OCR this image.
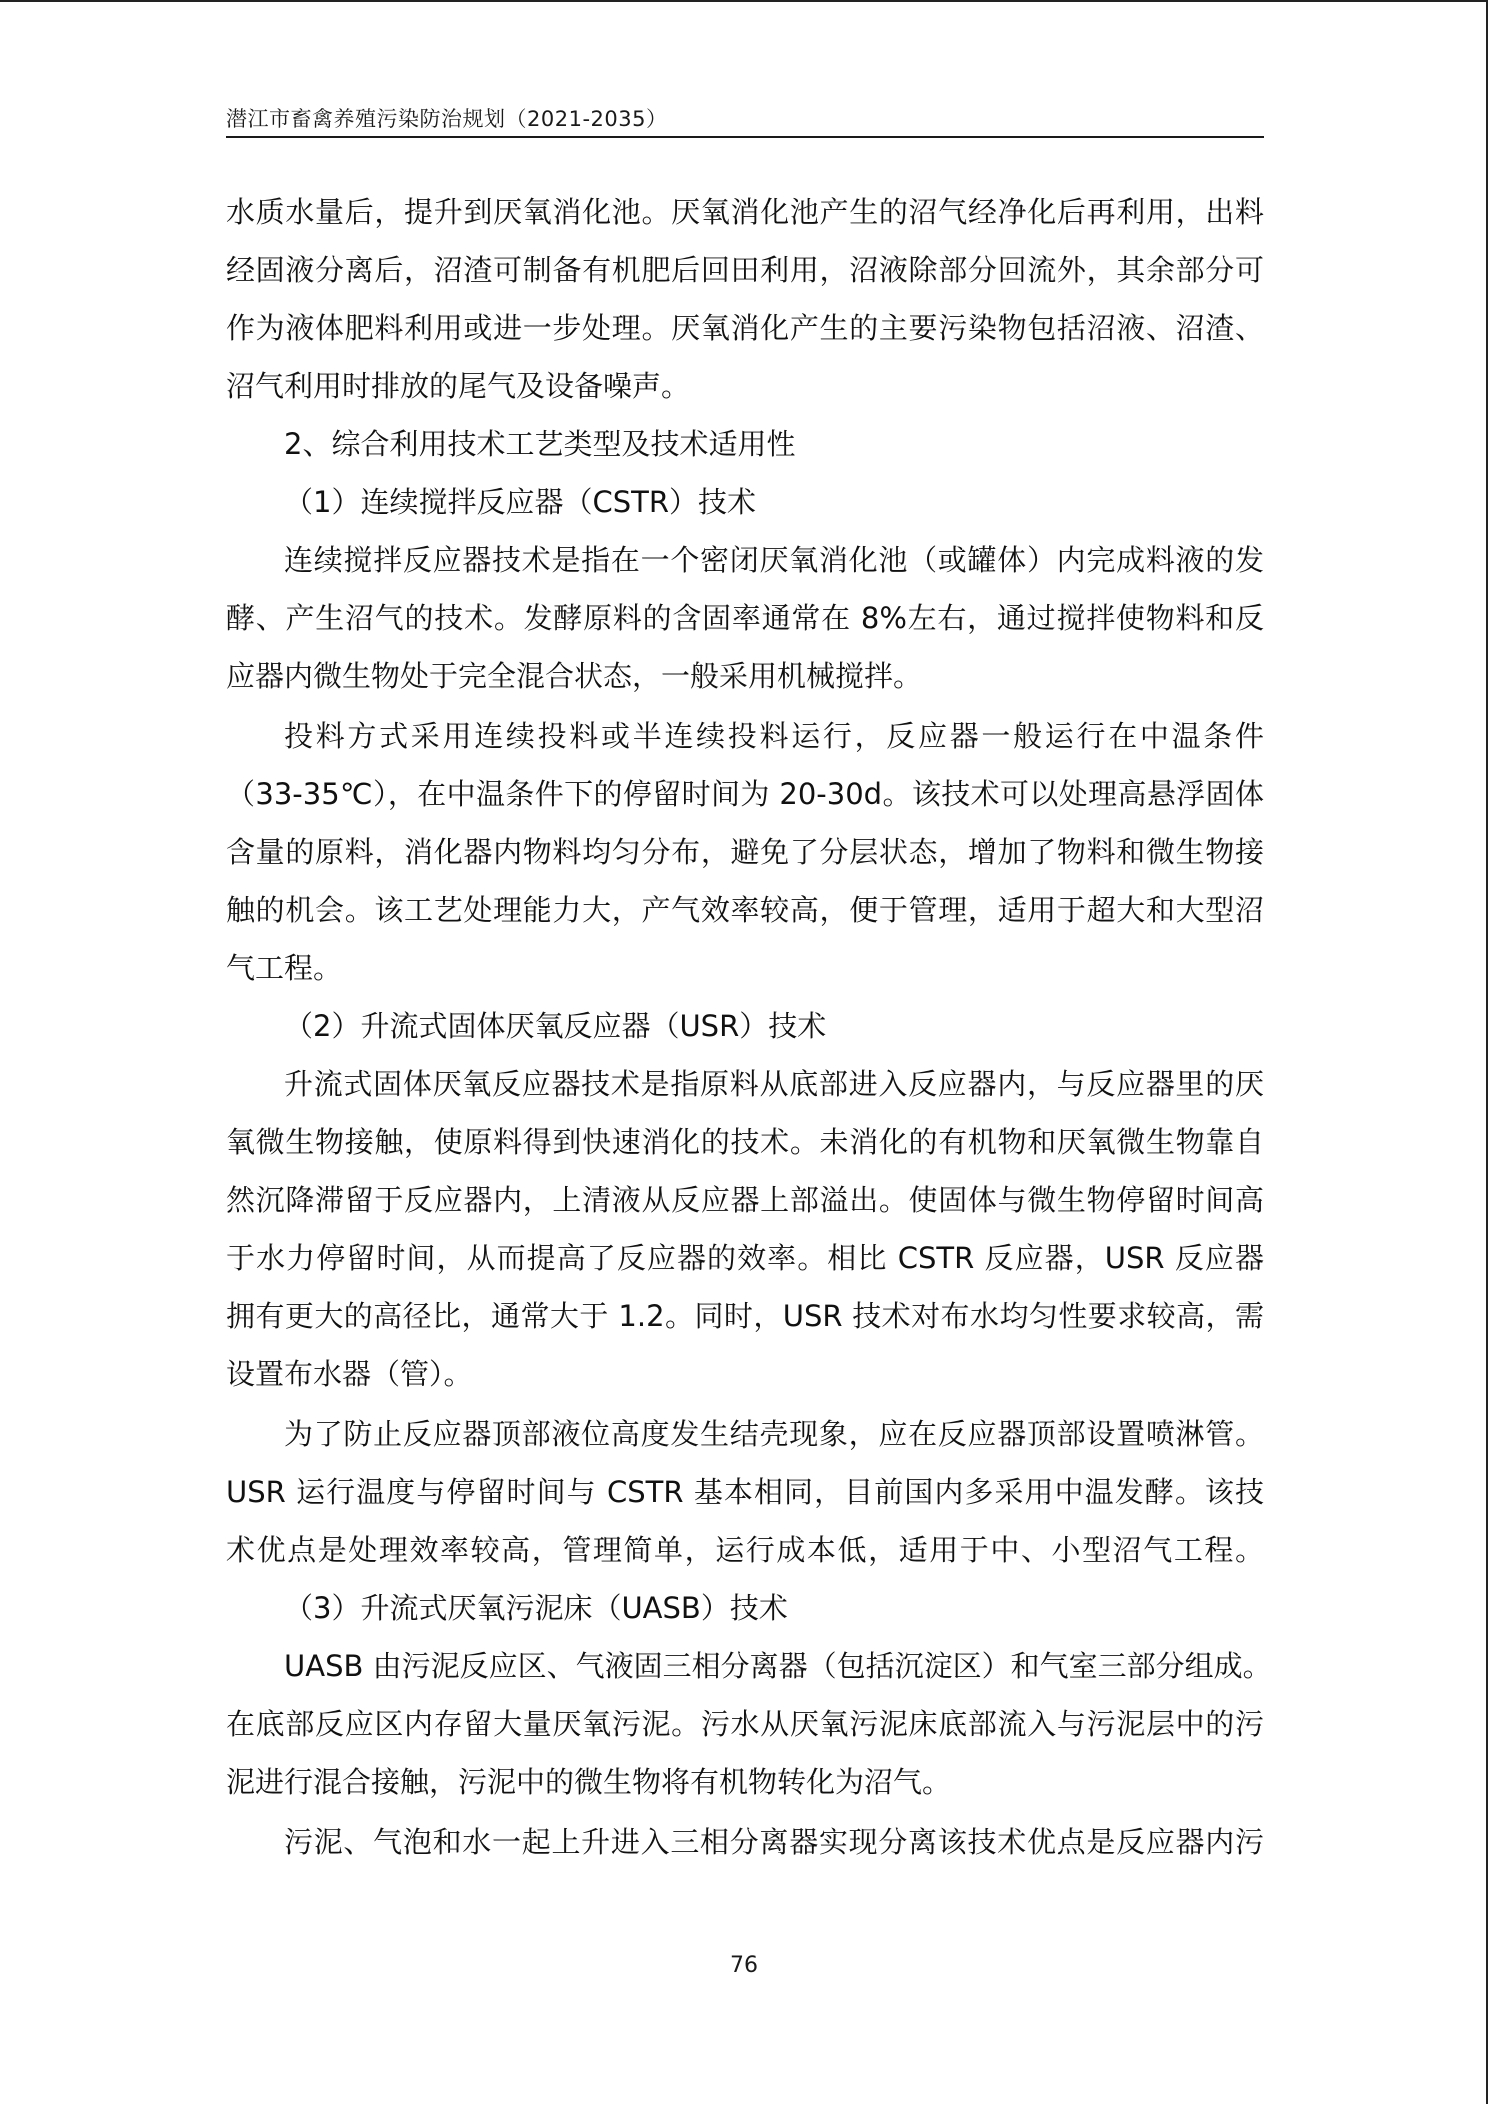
潜江市畜禽养殖污染防治规划（2021-2035）
水质水量后，提升到厌氧消化池。厌氧消化池产生的沼气经净化后再利用，出料
经固液分离后，沼渣可制备有机肥后回田利用，沼液除部分回流外，其余部分可
作为液体肥料利用或进一步处理。厌氧消化产生的主要污染物包括沼液、沼渣、
沼气利用时排放的尾气及设备噪声。
2、综合利用技术工艺类型及技术适用性
（1）连续搅拌反应器（CSTR）技术
连续搅拌反应器技术是指在一个密闭厌氧消化池（或罐体）内完成料液的发
酵、产生沼气的技术。发酵原料的含固率通常在 8%左右，通过搅拌使物料和反
应器内微生物处于完全混合状态，一般采用机械搅拌。
投料方式采用连续投料或半连续投料运行，反应器一般运行在中温条件
（33-35℃），在中温条件下的停留时间为 20-30d。该技术可以处理高悬浮固体
含量的原料，消化器内物料均匀分布，避免了分层状态，增加了物料和微生物接
触的机会。该工艺处理能力大，产气效率较高，便于管理，适用于超大和大型沼
气工程。
（2）升流式固体厌氧反应器（USR）技术
升流式固体厌氧反应器技术是指原料从底部进入反应器内，与反应器里的厌
氧微生物接触，使原料得到快速消化的技术。未消化的有机物和厌氧微生物靠自
然沉降滞留于反应器内，上清液从反应器上部溢出。使固体与微生物停留时间高
于水力停留时间，从而提高了反应器的效率。相比 CSTR 反应器，USR 反应器
拥有更大的高径比，通常大于 1.2。同时，USR 技术对布水均匀性要求较高，需
设置布水器（管）。
为了防止反应器顶部液位高度发生结壳现象，应在反应器顶部设置喷淋管。
USR 运行温度与停留时间与 CSTR 基本相同，目前国内多采用中温发酵。该技
术优点是处理效率较高，管理简单，运行成本低，适用于中、小型沼气工程。
（3）升流式厌氧污泥床（UASB）技术
UASB 由污泥反应区、气液固三相分离器（包括沉淀区）和气室三部分组成。
在底部反应区内存留大量厌氧污泥。污水从厌氧污泥床底部流入与污泥层中的污
泥进行混合接触，污泥中的微生物将有机物转化为沼气。
污泥、气泡和水一起上升进入三相分离器实现分离该技术优点是反应器内污
76
